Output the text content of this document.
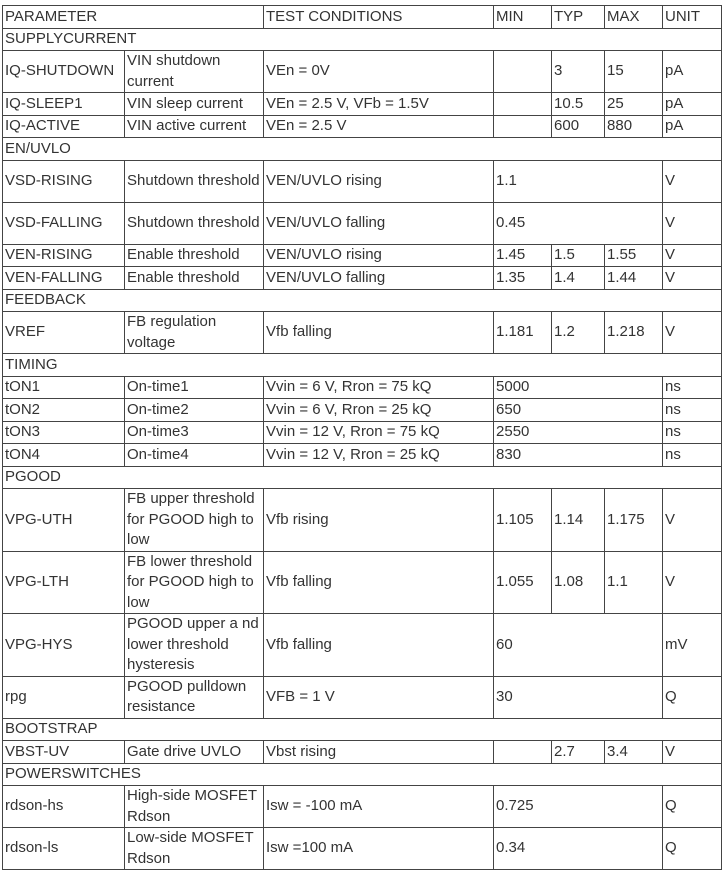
PARAMETER		TEST CONDITIONS	MIN	TYP	MAX	UNIT
SUPPLYCURRENT						
IQ-SHUTDOWN	VIN shutdown current	VEn = 0V		3	15	pA
IQ-SLEEP1	VIN sleep current	VEn = 2.5 V, VFb = 1.5V		10.5	25	pA
IQ-ACTIVE	VIN active current	VEn = 2.5 V		600	880	pA
EN/UVLO						
VSD-RISING	Shutdown threshold	VEN/UVLO rising	1.1			V
VSD-FALLING	Shutdown threshold	VEN/UVLO falling	0.45			V
VEN-RISING	Enable threshold	VEN/UVLO rising	1.45	1.5	1.55	V
VEN-FALLING	Enable threshold	VEN/UVLO falling	1.35	1.4	1.44	V
FEEDBACK						
VREF	FB regulation voltage	Vfb falling	1.181	1.2	1.218	V
TIMING						
tON1	On-time1	Vvin = 6 V, Rron = 75 kQ	5000			ns
tON2	On-time2	Vvin = 6 V, Rron = 25 kQ	650			ns
tON3	On-time3	Vvin = 12 V, Rron = 75 kQ	2550			ns
tON4	On-time4	Vvin = 12 V, Rron = 25 kQ	830			ns
PGOOD						
VPG-UTH	FB upper threshold for PGOOD high to low	Vfb rising	1.105	1.14	1.175	V
VPG-LTH	FB lower threshold for PGOOD high to low	Vfb falling	1.055	1.08	1.1	V
VPG-HYS	PGOOD upper a nd lower threshold hysteresis	Vfb falling	60			mV
rpg	PGOOD pulldown resistance	VFB = 1 V	30			Q
BOOTSTRAP						
VBST-UV	Gate drive UVLO	Vbst rising		2.7	3.4	V
POWERSWITCHES						
rdson-hs	High-side MOSFET Rdson	Isw = -100 mA	0.725			Q
rdson-ls	Low-side MOSFET Rdson	Isw =100 mA	0.34			Q
